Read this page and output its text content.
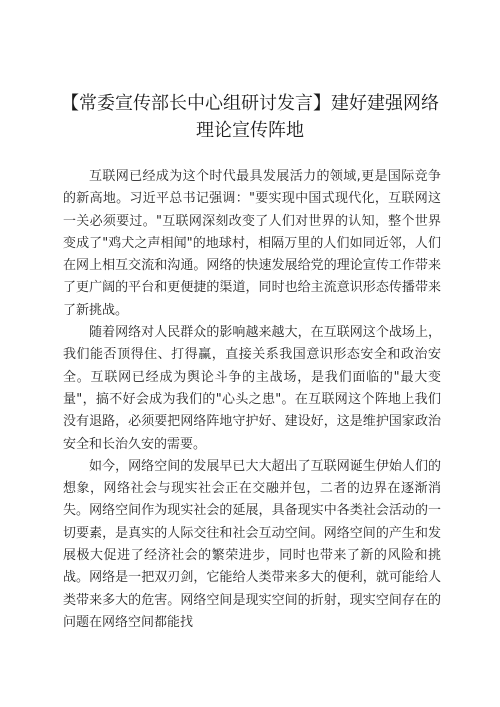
【常委宣传部长中心组研讨发言】建好建强网络理论宣传阵地

互联网已经成为这个时代最具发展活力的领域,更是国际竞争的新高地。习近平总书记强调："要实现中国式现代化，互联网这一关必须要过。"互联网深刻改变了人们对世界的认知，整个世界变成了"鸡犬之声相闻"的地球村，相隔万里的人们如同近邻，人们在网上相互交流和沟通。网络的快速发展给党的理论宣传工作带来了更广阔的平台和更便捷的渠道，同时也给主流意识形态传播带来了新挑战。

随着网络对人民群众的影响越来越大，在互联网这个战场上，我们能否顶得住、打得赢，直接关系我国意识形态安全和政治安全。互联网已经成为舆论斗争的主战场，是我们面临的"最大变量"，搞不好会成为我们的"心头之患"。在互联网这个阵地上我们没有退路，必须要把网络阵地守护好、建设好，这是维护国家政治安全和长治久安的需要。

如今，网络空间的发展早已大大超出了互联网诞生伊始人们的想象，网络社会与现实社会正在交融并包，二者的边界在逐渐消失。网络空间作为现实社会的延展，具备现实中各类社会活动的一切要素，是真实的人际交往和社会互动空间。网络空间的产生和发展极大促进了经济社会的繁荣进步，同时也带来了新的风险和挑战。网络是一把双刃剑，它能给人类带来多大的便利，就可能给人类带来多大的危害。网络空间是现实空间的折射，现实空间存在的问题在网络空间都能找
